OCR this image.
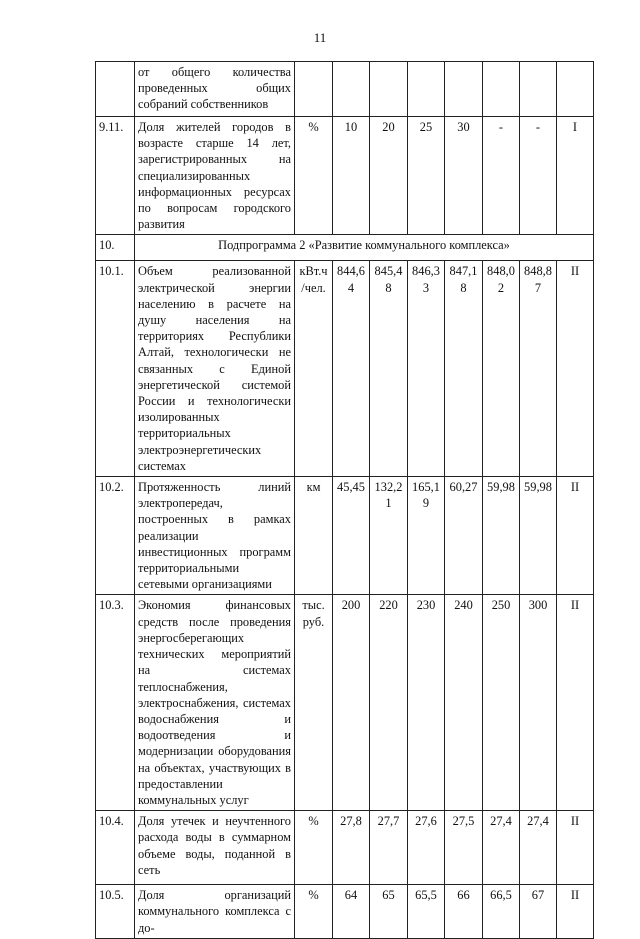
11
	от общего количества проведенных общих собраний собственников								
9.11.	Доля жителей городов в возрасте старше 14 лет, зарегистрированных на специализированных информационных ресурсах по вопросам городского развития	%	10	20	25	30	-	-	I
10.	Подпрограмма 2 «Развитие коммунального комплекса»								
10.1.	Объем реализованной электрической энергии населению в расчете на душу населения на территориях Республики Алтай, технологически не связанных с Единой энергетической системой России и технологически изолированных территориальных электроэнергетических системах	кВт.ч /чел.	844,64	845,48	846,33	847,18	848,02	848,87	II
10.2.	Протяженность линий электропередач, построенных в рамках реализации инвестиционных программ территориальными сетевыми организациями	км	45,45	132,21	165,19	60,27	59,98	59,98	II
10.3.	Экономия финансовых средств после проведения энергосберегающих технических мероприятий на системах теплоснабжения, электроснабжения, системах водоснабжения и водоотведения и модернизации оборудования на объектах, участвующих в предоставлении коммунальных услуг	тыс. руб.	200	220	230	240	250	300	II
10.4.	Доля утечек и неучтенного расхода воды в суммарном объеме воды, поданной в сеть	%	27,8	27,7	27,6	27,5	27,4	27,4	II
10.5.	Доля организаций коммунального комплекса с до-	%	64	65	65,5	66	66,5	67	II
